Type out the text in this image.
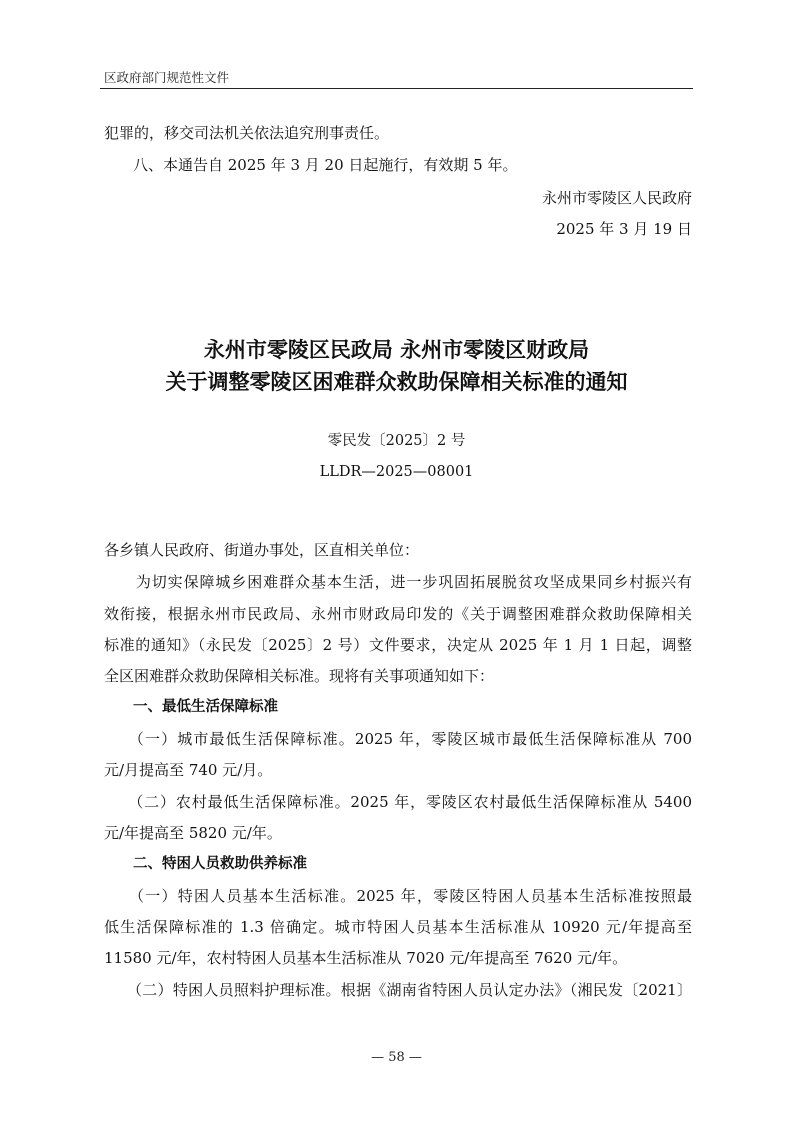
区政府部门规范性文件
犯罪的，移交司法机关依法追究刑事责任。
八、本通告自 2025 年 3 月 20 日起施行，有效期 5 年。
永州市零陵区人民政府
2025 年 3 月 19 日
永州市零陵区民政局 永州市零陵区财政局
关于调整零陵区困难群众救助保障相关标准的通知
零民发〔2025〕2 号
LLDR—2025—08001
各乡镇人民政府、街道办事处，区直相关单位：
　　为切实保障城乡困难群众基本生活，进一步巩固拓展脱贫攻坚成果同乡村振兴有
效衔接，根据永州市民政局、永州市财政局印发的《关于调整困难群众救助保障相关
标准的通知》（永民发〔2025〕2 号）文件要求，决定从 2025 年 1 月 1 日起，调整
全区困难群众救助保障相关标准。现将有关事项通知如下：
　　一、最低生活保障标准
　　（一）城市最低生活保障标准。2025 年，零陵区城市最低生活保障标准从 700
元/月提高至 740 元/月。
　　（二）农村最低生活保障标准。2025 年，零陵区农村最低生活保障标准从 5400
元/年提高至 5820 元/年。
　　二、特困人员救助供养标准
　　（一）特困人员基本生活标准。2025 年，零陵区特困人员基本生活标准按照最
低生活保障标准的 1.3 倍确定。城市特困人员基本生活标准从 10920 元/年提高至
11580 元/年，农村特困人员基本生活标准从 7020 元/年提高至 7620 元/年。
　　（二）特困人员照料护理标准。根据《湖南省特困人员认定办法》（湘民发〔2021〕
— 58 —
